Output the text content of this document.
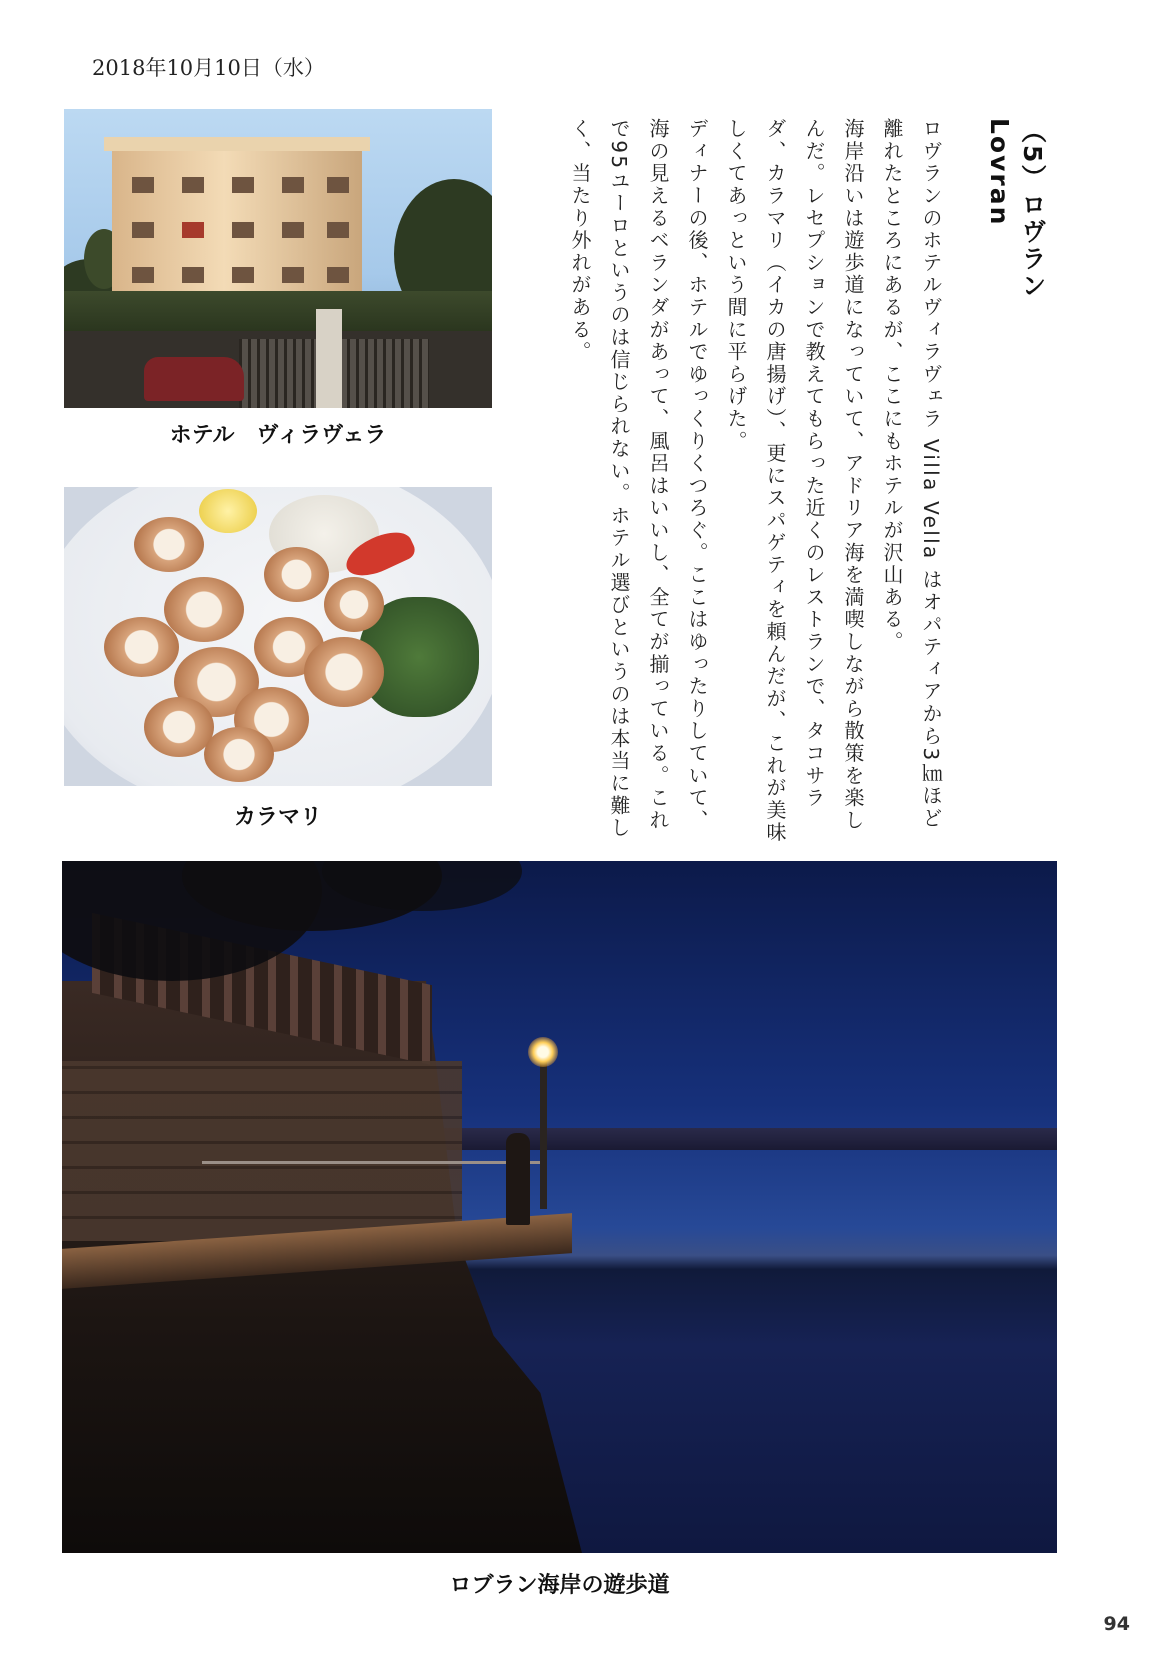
2018年10月10日（水）
（5）ロヴラン Lovran

ロヴランのホテルヴィラヴェラ Villa Vella はオパティアから3㎞ほど離れたところにあるが、ここにもホテルが沢山ある。

海岸沿いは遊歩道になっていて、アドリア海を満喫しながら散策を楽しんだ。レセプションで教えてもらった近くのレストランで、タコサラダ、カラマリ（イカの唐揚げ）、更にスパゲティを頼んだが、これが美味しくてあっという間に平らげた。

ディナーの後、ホテルでゆっくりくつろぐ。ここはゆったりしていて、海の見えるベランダがあって、風呂はいいし、全てが揃っている。これで95ユーロというのは信じられない。ホテル選びというのは本当に難しく、当たり外れがある。

ホテル　ヴィラヴェラ
カラマリ
ロブラン海岸の遊歩道
94
